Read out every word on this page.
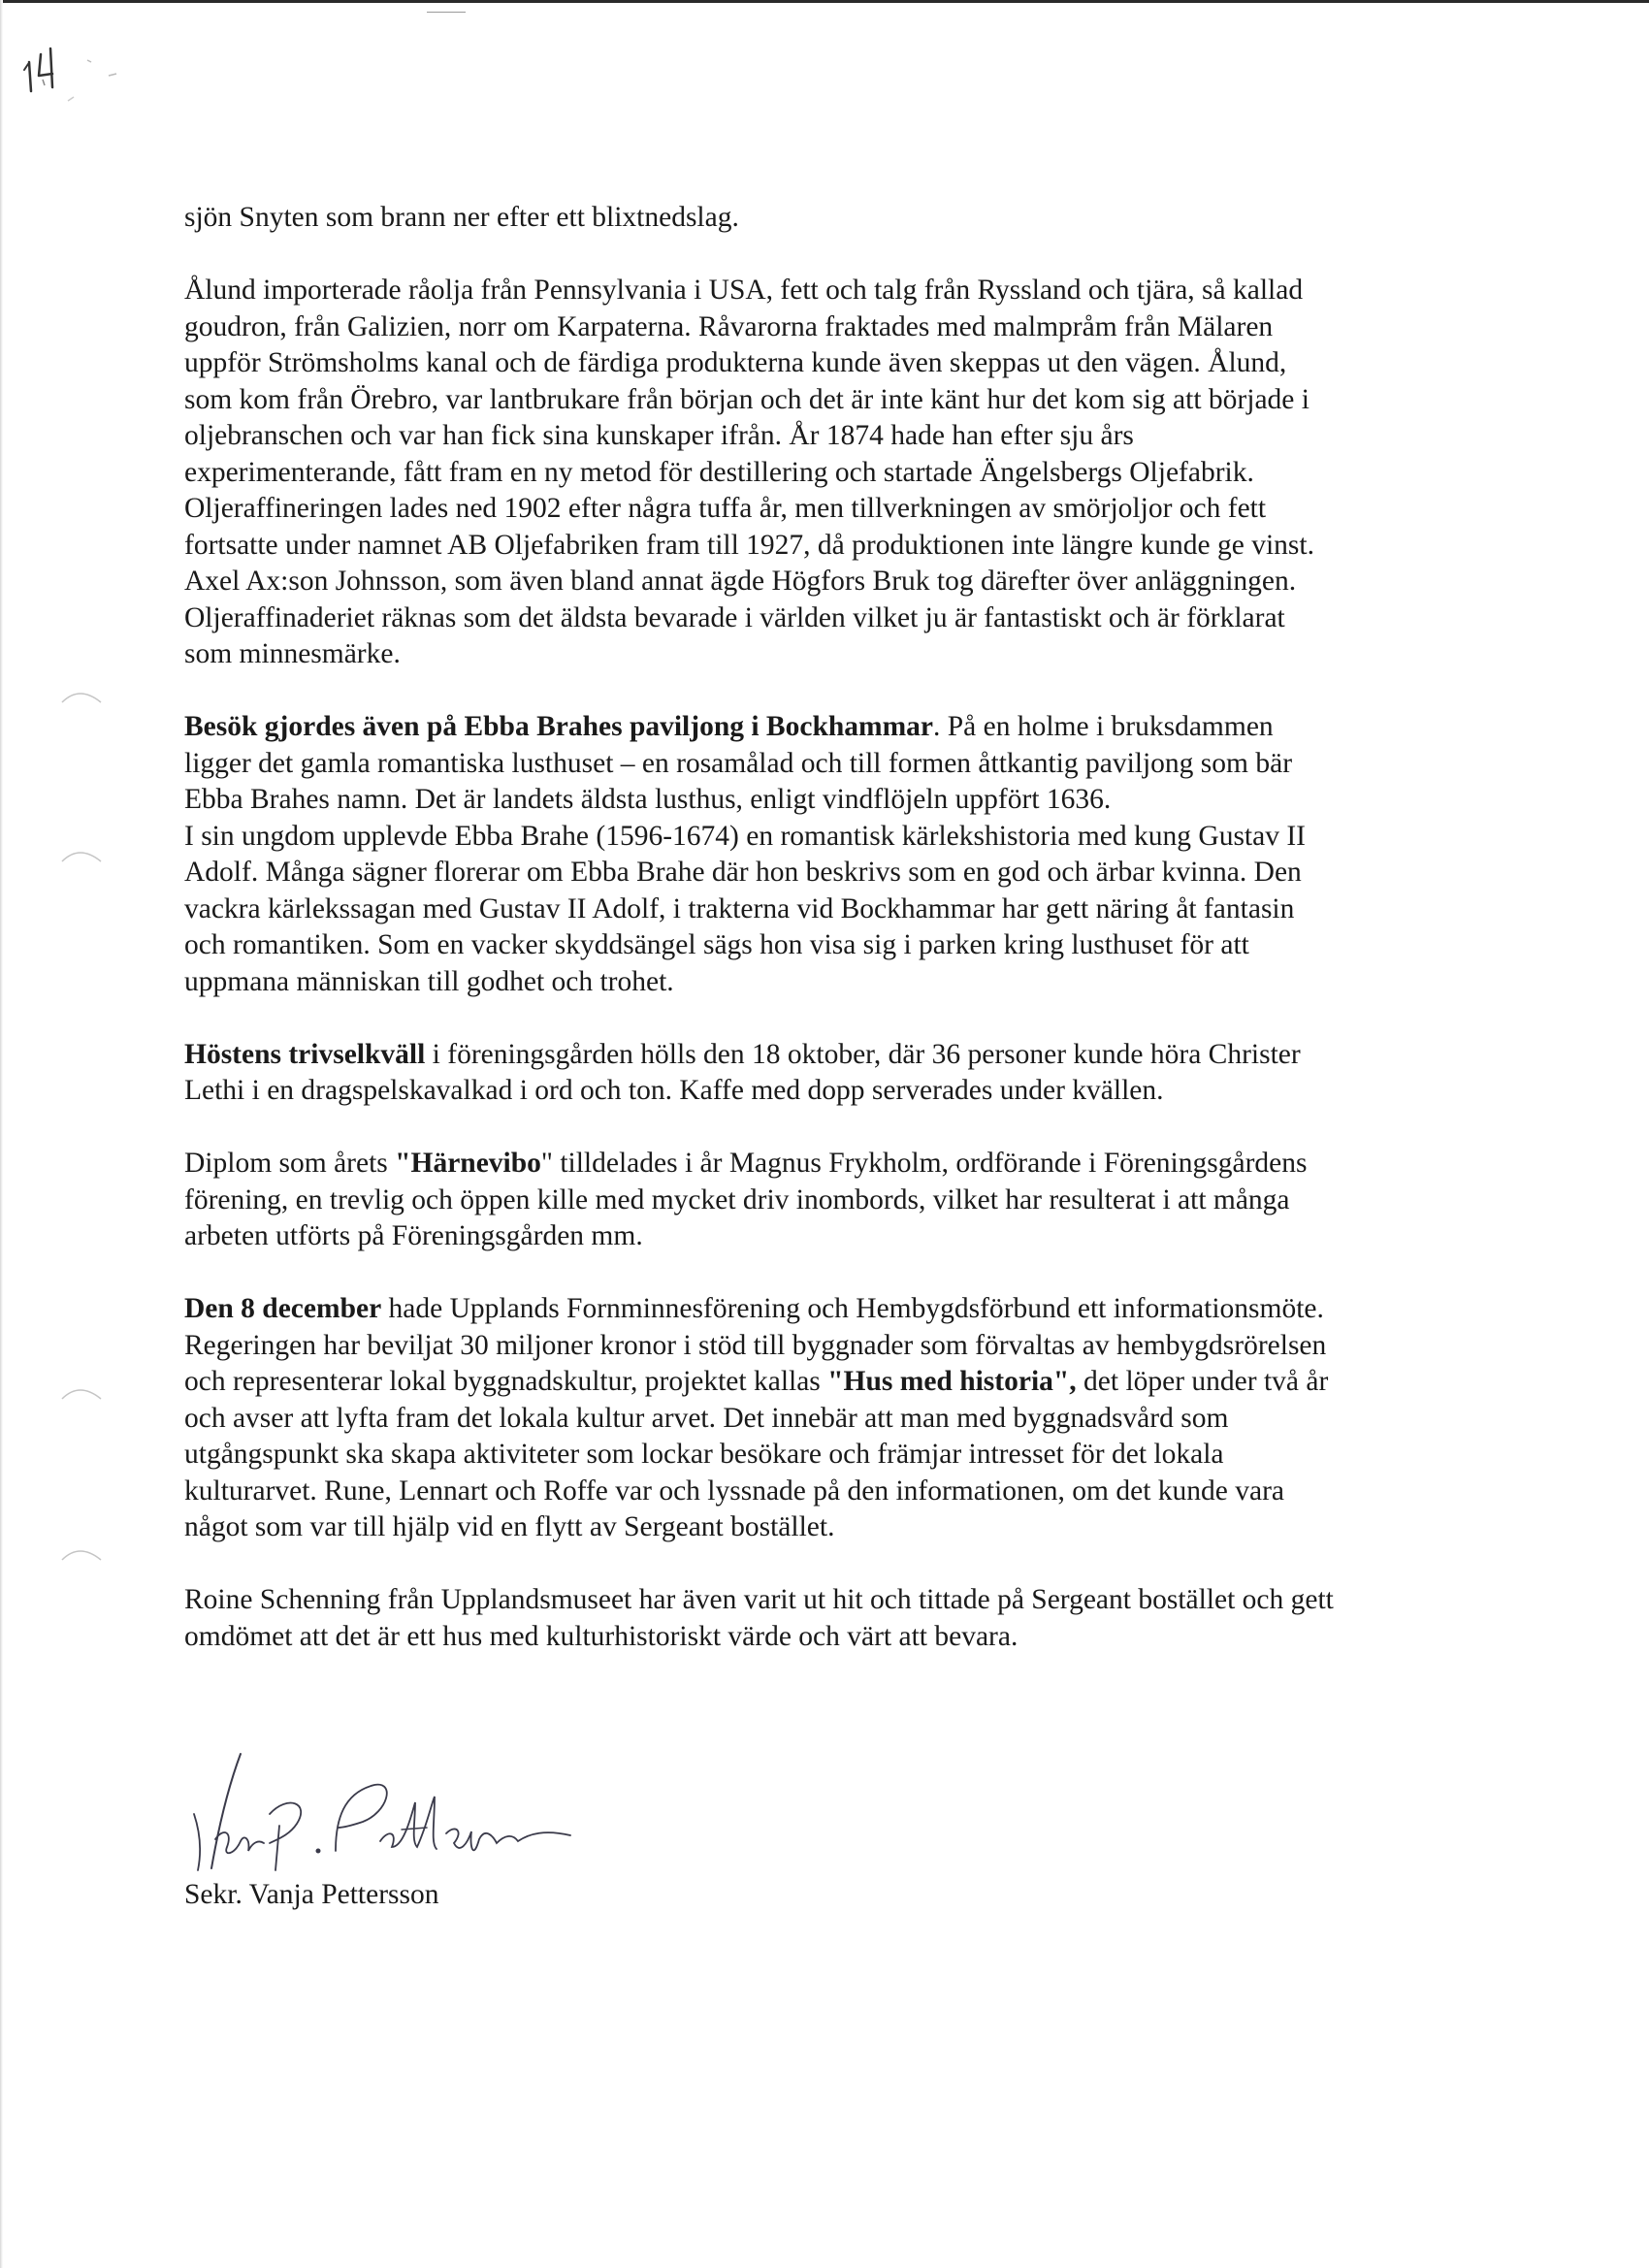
sjön Snyten som brann ner efter ett blixtnedslag.

Ålund importerade råolja från Pennsylvania i USA, fett och talg från Ryssland och tjära, så kallad
goudron, från Galizien, norr om Karpaterna. Råvarorna fraktades med malmpråm från Mälaren
uppför Strömsholms kanal och de färdiga produkterna kunde även skeppas ut den vägen. Ålund,
som kom från Örebro, var lantbrukare från början och det är inte känt hur det kom sig att började i
oljebranschen och var han fick sina kunskaper ifrån. År 1874 hade han efter sju års
experimenterande, fått fram en ny metod för destillering och startade Ängelsbergs Oljefabrik.
Oljeraffineringen lades ned 1902 efter några tuffa år, men tillverkningen av smörjoljor och fett
fortsatte under namnet AB Oljefabriken fram till 1927, då produktionen inte längre kunde ge vinst.
Axel Ax:son Johnsson, som även bland annat ägde Högfors Bruk tog därefter över anläggningen.
Oljeraffinaderiet räknas som det äldsta bevarade i världen vilket ju är fantastiskt och är förklarat
som minnesmärke.

Besök gjordes även på Ebba Brahes paviljong i Bockhammar. På en holme i bruksdammen
ligger det gamla romantiska lusthuset – en rosamålad och till formen åttkantig paviljong som bär
Ebba Brahes namn. Det är landets äldsta lusthus, enligt vindflöjeln uppfört 1636.
I sin ungdom upplevde Ebba Brahe (1596-1674) en romantisk kärlekshistoria med kung Gustav II
Adolf. Många sägner florerar om Ebba Brahe där hon beskrivs som en god och ärbar kvinna. Den
vackra kärlekssagan med Gustav II Adolf, i trakterna vid Bockhammar har gett näring åt fantasin
och romantiken. Som en vacker skyddsängel sägs hon visa sig i parken kring lusthuset för att
uppmana människan till godhet och trohet.

Höstens trivselkväll i föreningsgården hölls den 18 oktober, där 36 personer kunde höra Christer
Lethi i en dragspelskavalkad i ord och ton. Kaffe med dopp serverades under kvällen.

Diplom som årets "Härnevibo" tilldelades i år Magnus Frykholm, ordförande i Föreningsgårdens
förening, en trevlig och öppen kille med mycket driv inombords, vilket har resulterat i att många
arbeten utförts på Föreningsgården mm.

Den 8 december hade Upplands Fornminnesförening och Hembygdsförbund ett informationsmöte.
Regeringen har beviljat 30 miljoner kronor i stöd till byggnader som förvaltas av hembygdsrörelsen
och representerar lokal byggnadskultur, projektet kallas "Hus med historia", det löper under två år
och avser att lyfta fram det lokala kultur arvet. Det innebär att man med byggnadsvård som
utgångspunkt ska skapa aktiviteter som lockar besökare och främjar intresset för det lokala
kulturarvet. Rune, Lennart och Roffe var och lyssnade på den informationen, om det kunde vara
något som var till hjälp vid en flytt av Sergeant bostället.

Roine Schenning från Upplandsmuseet har även varit ut hit och tittade på Sergeant bostället och gett
omdömet att det är ett hus med kulturhistoriskt värde och värt att bevara.

Sekr. Vanja Pettersson
